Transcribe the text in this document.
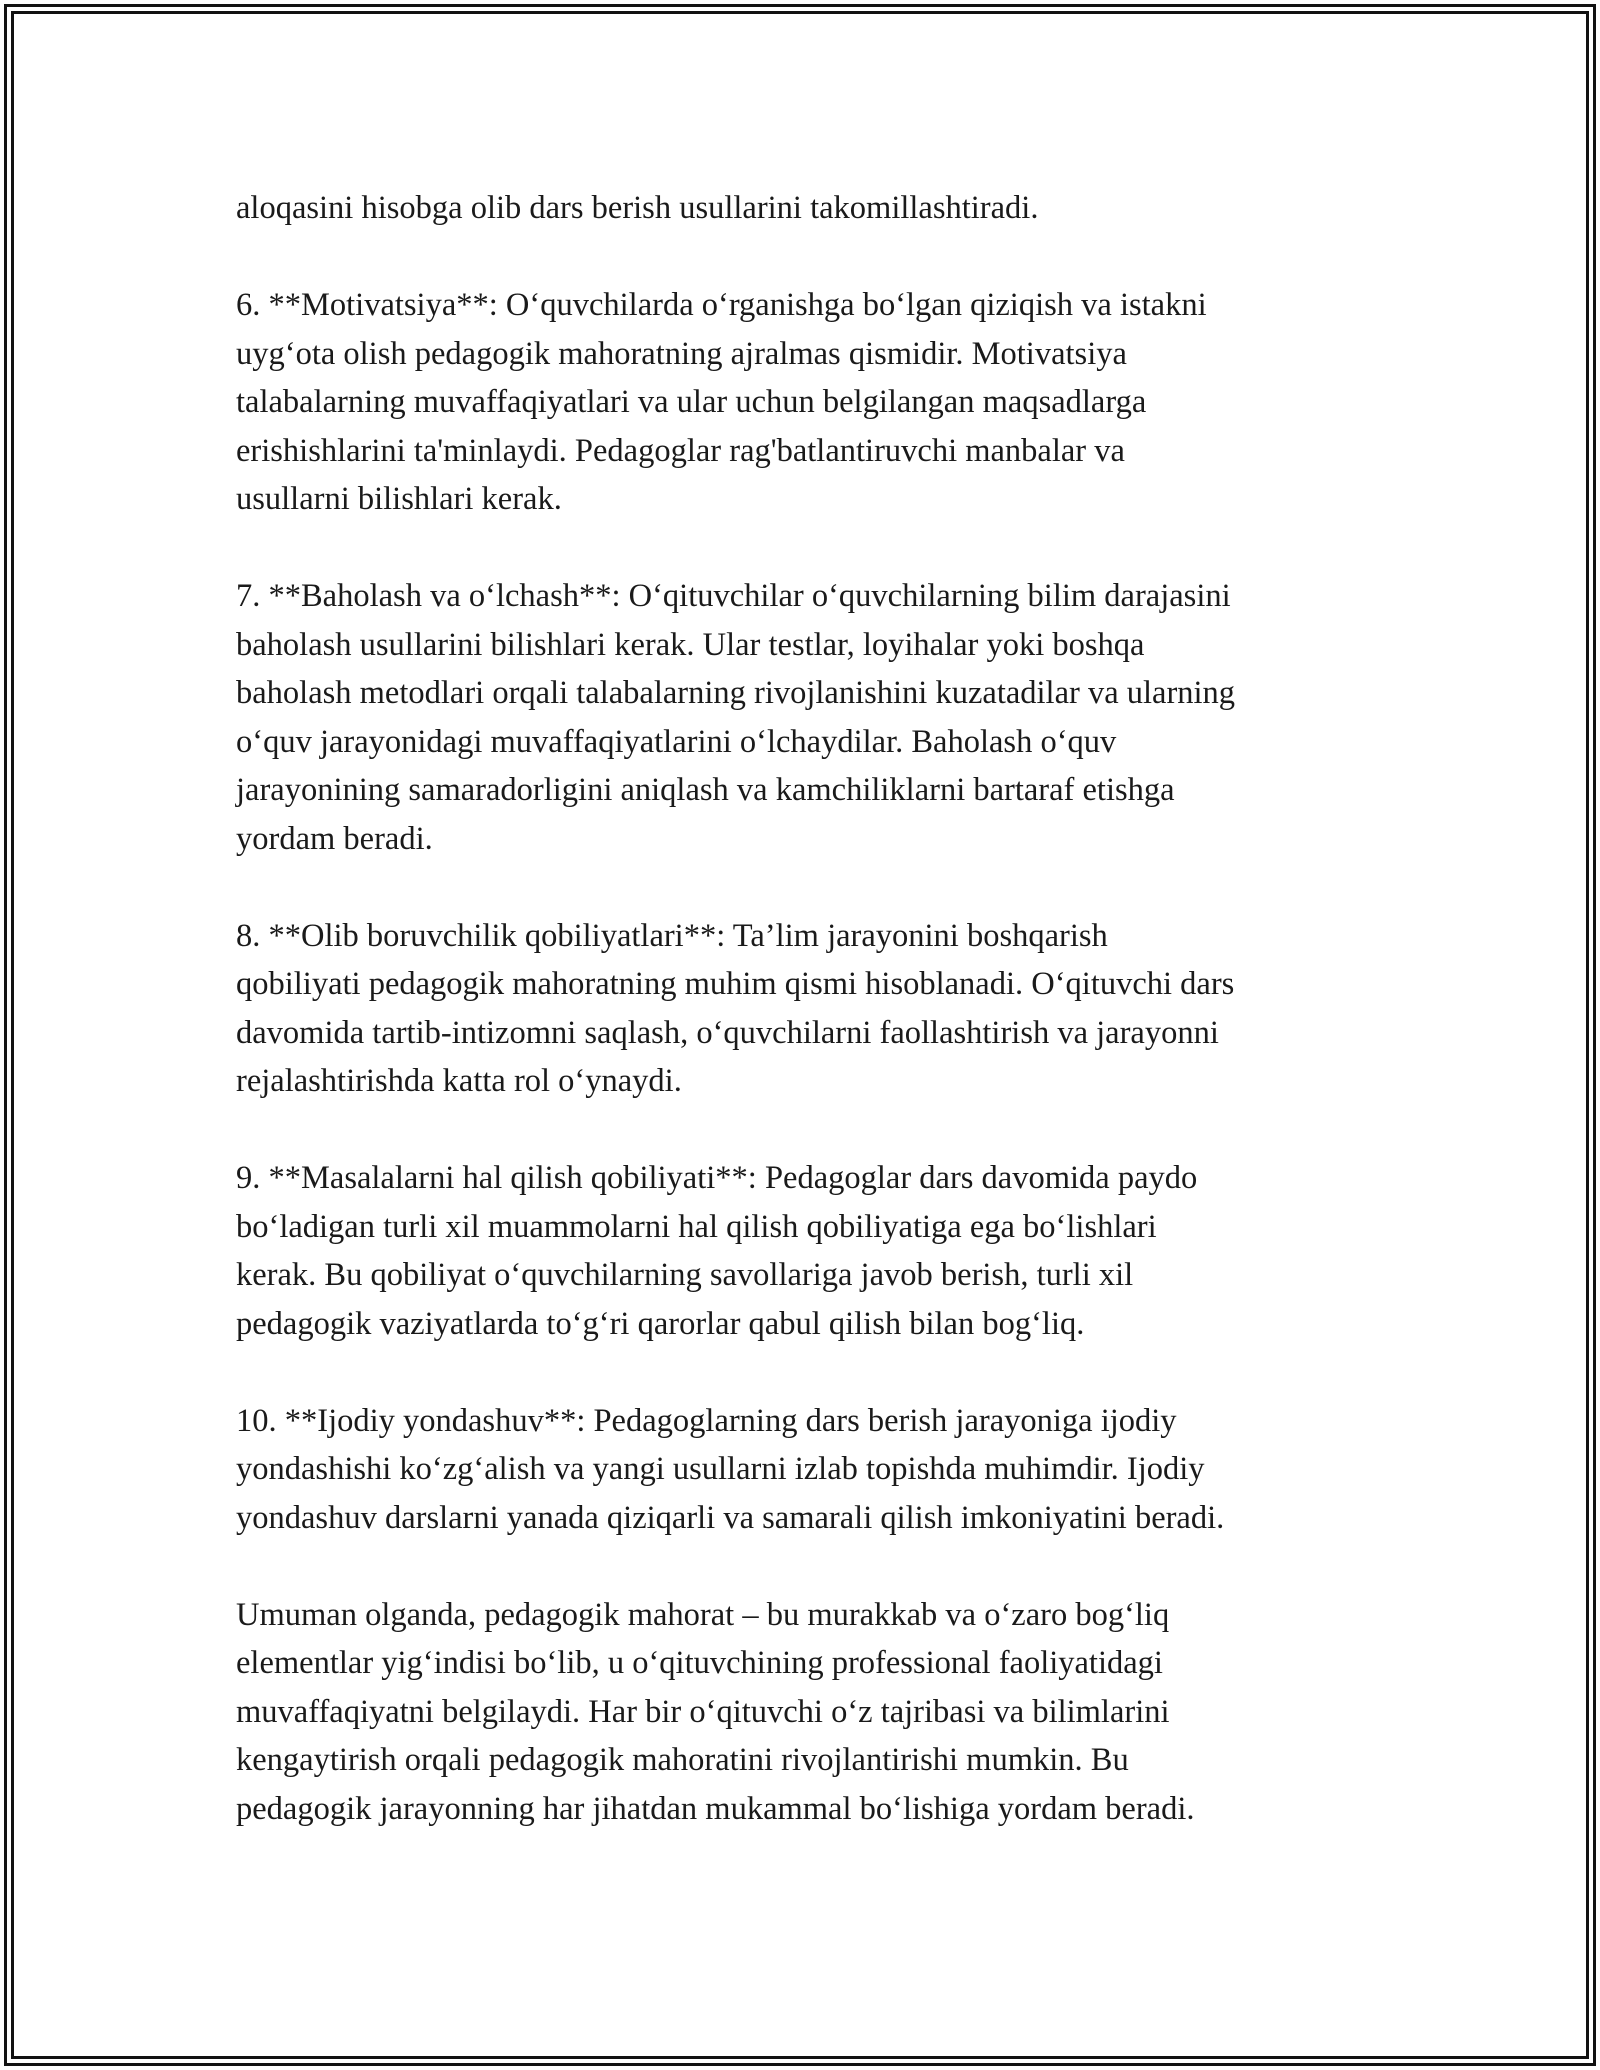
aloqasini hisobga olib dars berish usullarini takomillashtiradi.

6. **Motivatsiya**: O‘quvchilarda o‘rganishga bo‘lgan qiziqish va istakni
uyg‘ota olish pedagogik mahoratning ajralmas qismidir. Motivatsiya
talabalarning muvaffaqiyatlari va ular uchun belgilangan maqsadlarga
erishishlarini ta'minlaydi. Pedagoglar rag'batlantiruvchi manbalar va
usullarni bilishlari kerak.

7. **Baholash va o‘lchash**: O‘qituvchilar o‘quvchilarning bilim darajasini
baholash usullarini bilishlari kerak. Ular testlar, loyihalar yoki boshqa
baholash metodlari orqali talabalarning rivojlanishini kuzatadilar va ularning
o‘quv jarayonidagi muvaffaqiyatlarini o‘lchaydilar. Baholash o‘quv
jarayonining samaradorligini aniqlash va kamchiliklarni bartaraf etishga
yordam beradi.

8. **Olib boruvchilik qobiliyatlari**: Ta’lim jarayonini boshqarish
qobiliyati pedagogik mahoratning muhim qismi hisoblanadi. O‘qituvchi dars
davomida tartib-intizomni saqlash, o‘quvchilarni faollashtirish va jarayonni
rejalashtirishda katta rol o‘ynaydi.

9. **Masalalarni hal qilish qobiliyati**: Pedagoglar dars davomida paydo
bo‘ladigan turli xil muammolarni hal qilish qobiliyatiga ega bo‘lishlari
kerak. Bu qobiliyat o‘quvchilarning savollariga javob berish, turli xil
pedagogik vaziyatlarda to‘g‘ri qarorlar qabul qilish bilan bog‘liq.

10. **Ijodiy yondashuv**: Pedagoglarning dars berish jarayoniga ijodiy
yondashishi ko‘zg‘alish va yangi usullarni izlab topishda muhimdir. Ijodiy
yondashuv darslarni yanada qiziqarli va samarali qilish imkoniyatini beradi.

Umuman olganda, pedagogik mahorat – bu murakkab va o‘zaro bog‘liq
elementlar yig‘indisi bo‘lib, u o‘qituvchining professional faoliyatidagi
muvaffaqiyatni belgilaydi. Har bir o‘qituvchi o‘z tajribasi va bilimlarini
kengaytirish orqali pedagogik mahoratini rivojlantirishi mumkin. Bu
pedagogik jarayonning har jihatdan mukammal bo‘lishiga yordam beradi.
